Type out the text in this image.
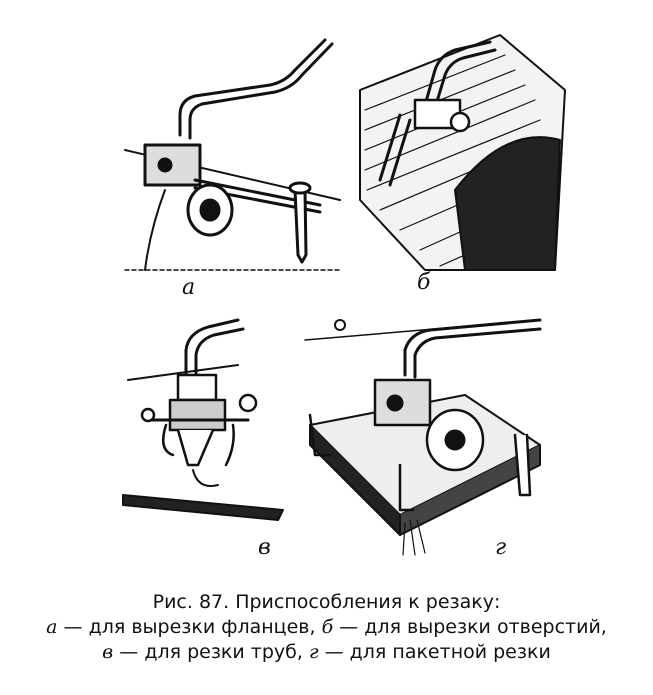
а	б
в	г
Рис. 87. Приспособления к резаку:
а — для вырезки фланцев, б — для вырезки отверстий,
в — для резки труб, г — для пакетной резки
